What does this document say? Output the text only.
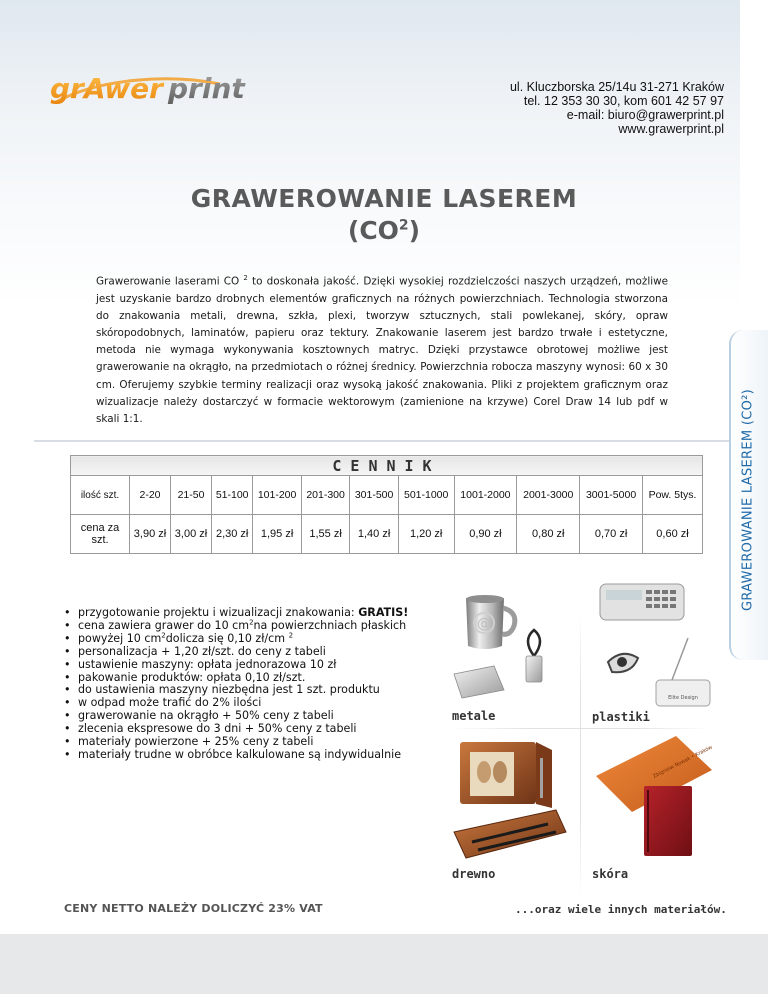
GRAWEROWANIE LASEREM (CO²)
grAwer print	ul. Kluczborska 25/14u 31-271 Kraków
tel. 12 353 30 30, kom 601 42 57 97
e-mail: biuro@grawerprint.pl
www.grawerprint.pl
GRAWEROWANIE LASEREM
$(CO^2)$
Grawerowanie laserami CO $^2$ to doskonała jakość. Dzięki wysokiej rozdzielczości naszych urządzeń, możliwe jest uzyskanie bardzo drobnych elementów graficznych na różnych powierzchniach. Technologia stworzona do znakowania metali, drewna, szkła, plexi, tworzyw sztucznych, stali powlekanej, skóry, opraw skóropodobnych, laminatów, papieru oraz tektury. Znakowanie laserem jest bardzo trwałe i estetyczne, metoda nie wymaga wykonywania kosztownych matryc. Dzięki przystawce obrotowej możliwe jest grawerowanie na okrągło, na przedmiotach o różnej średnicy. Powierzchnia robocza maszyny wynosi: 60 x 30 cm. Oferujemy szybkie terminy realizacji oraz wysoką jakość znakowania. Pliki z projektem graficznym oraz wizualizacje należy dostarczyć w formacie wektorowym (zamienione na krzywe) Corel Draw 14 lub pdf w skali 1:1.
CENNIK											
ilość szt.	2-20	21-50	51-100	101-200	201-300	301-500	501-1000	1001-2000	2001-3000	3001-5000	Pow. 5tys.
cena za szt.	3,90 zł	3,00 zł	2,30 zł	1,95 zł	1,55 zł	1,40 zł	1,20 zł	0,90 zł	0,80 zł	0,70 zł	0,60 zł
• przygotowanie projektu i wizualizacji znakowania: GRATIS!
• cena zawiera grawer do 10 $cm^2na$ powierzchniach płaskich
• powyżej 10 $cm^2dolicza$ się 0,10 zł/cm $^2$
• personalizacja + 1,20 zł/szt. do ceny z tabeli
• ustawienie maszyny: opłata jednorazowa 10 zł
• pakowanie produktów: opłata 0,10 zł/szt.
• do ustawienia maszyny niezbędna jest 1 szt. produktu
• w odpad może trafić do 2% ilości
• grawerowanie na okrągło + 50% ceny z tabeli
• zlecenia ekspresowe do 3 dni + 50% ceny z tabeli
• materiały powierzone + 25% ceny z tabeli
• materiały trudne w obróbce kalkulowane są indywidualnie
@
metale
Elite Design
plastiki
drewno
Zbigniew Nowak • Kraków
skóra
CENY NETTO NALEŻY DOLICZYĆ 23% VAT	...oraz wiele innych materiałów.
